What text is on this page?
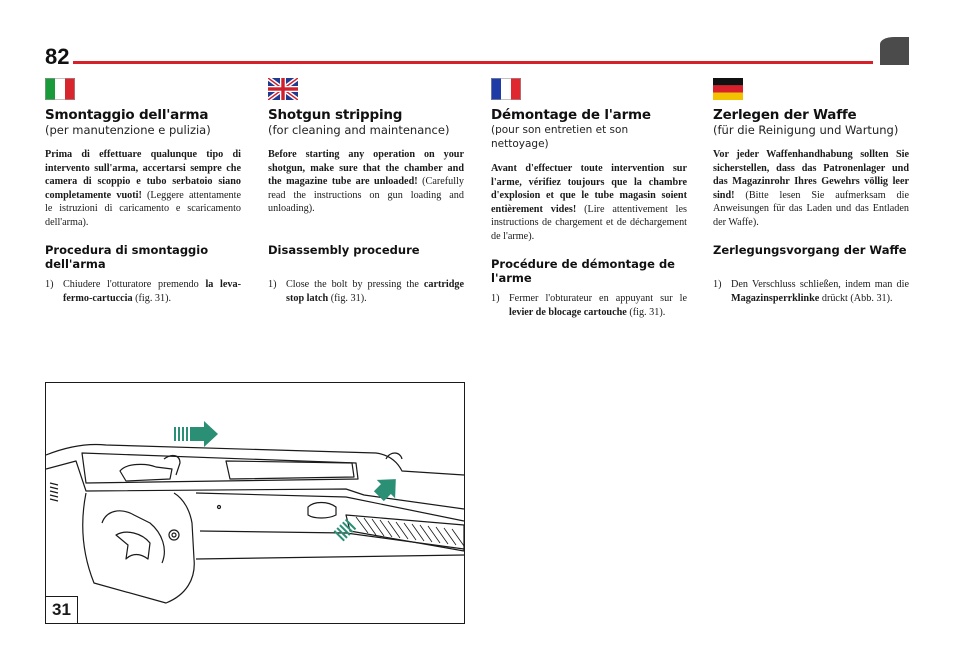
82

Smontaggio dell'arma

(per manutenzione e pulizia)

Prima di effettuare qualunque tipo di intervento sull'arma, accertarsi sempre che camera di scoppio e tubo serbatoio siano completamente vuoti! (Leggere attentamente le istruzioni di caricamento e scaricamento dell'arma).

Procedura di smontaggio dell'arma

1) Chiudere l'otturatore premendo la leva-fermo-cartuccia (fig. 31).

Shotgun stripping

(for cleaning and maintenance)

Before starting any operation on your shotgun, make sure that the chamber and the magazine tube are unloaded! (Carefully read the instructions on gun loading and unloading).

Disassembly procedure

1) Close the bolt by pressing the cartridge stop latch (fig. 31).

Démontage de l'arme

(pour son entretien et son nettoyage)

Avant d'effectuer toute intervention sur l'arme, vérifiez toujours que la chambre d'explosion et que le tube magasin soient entièrement vides! (Lire attentivement les instructions de chargement et de déchargement de l'arme).

Procédure de démontage de l'arme

1) Fermer l'obturateur en appuyant sur le levier de blocage cartouche (fig. 31).

Zerlegen der Waffe

(für die Reinigung und Wartung)

Vor jeder Waffenhandhabung sollten Sie sicherstellen, dass das Patronenlager und das Magazinrohr Ihres Gewehrs völlig leer sind! (Bitte lesen Sie aufmerksam die Anweisungen für das Laden und das Entladen der Waffe).

Zerlegungsvorgang der Waffe

1) Den Verschluss schließen, indem man die Magazinsperrklinke drückt (Abb. 31).
31
